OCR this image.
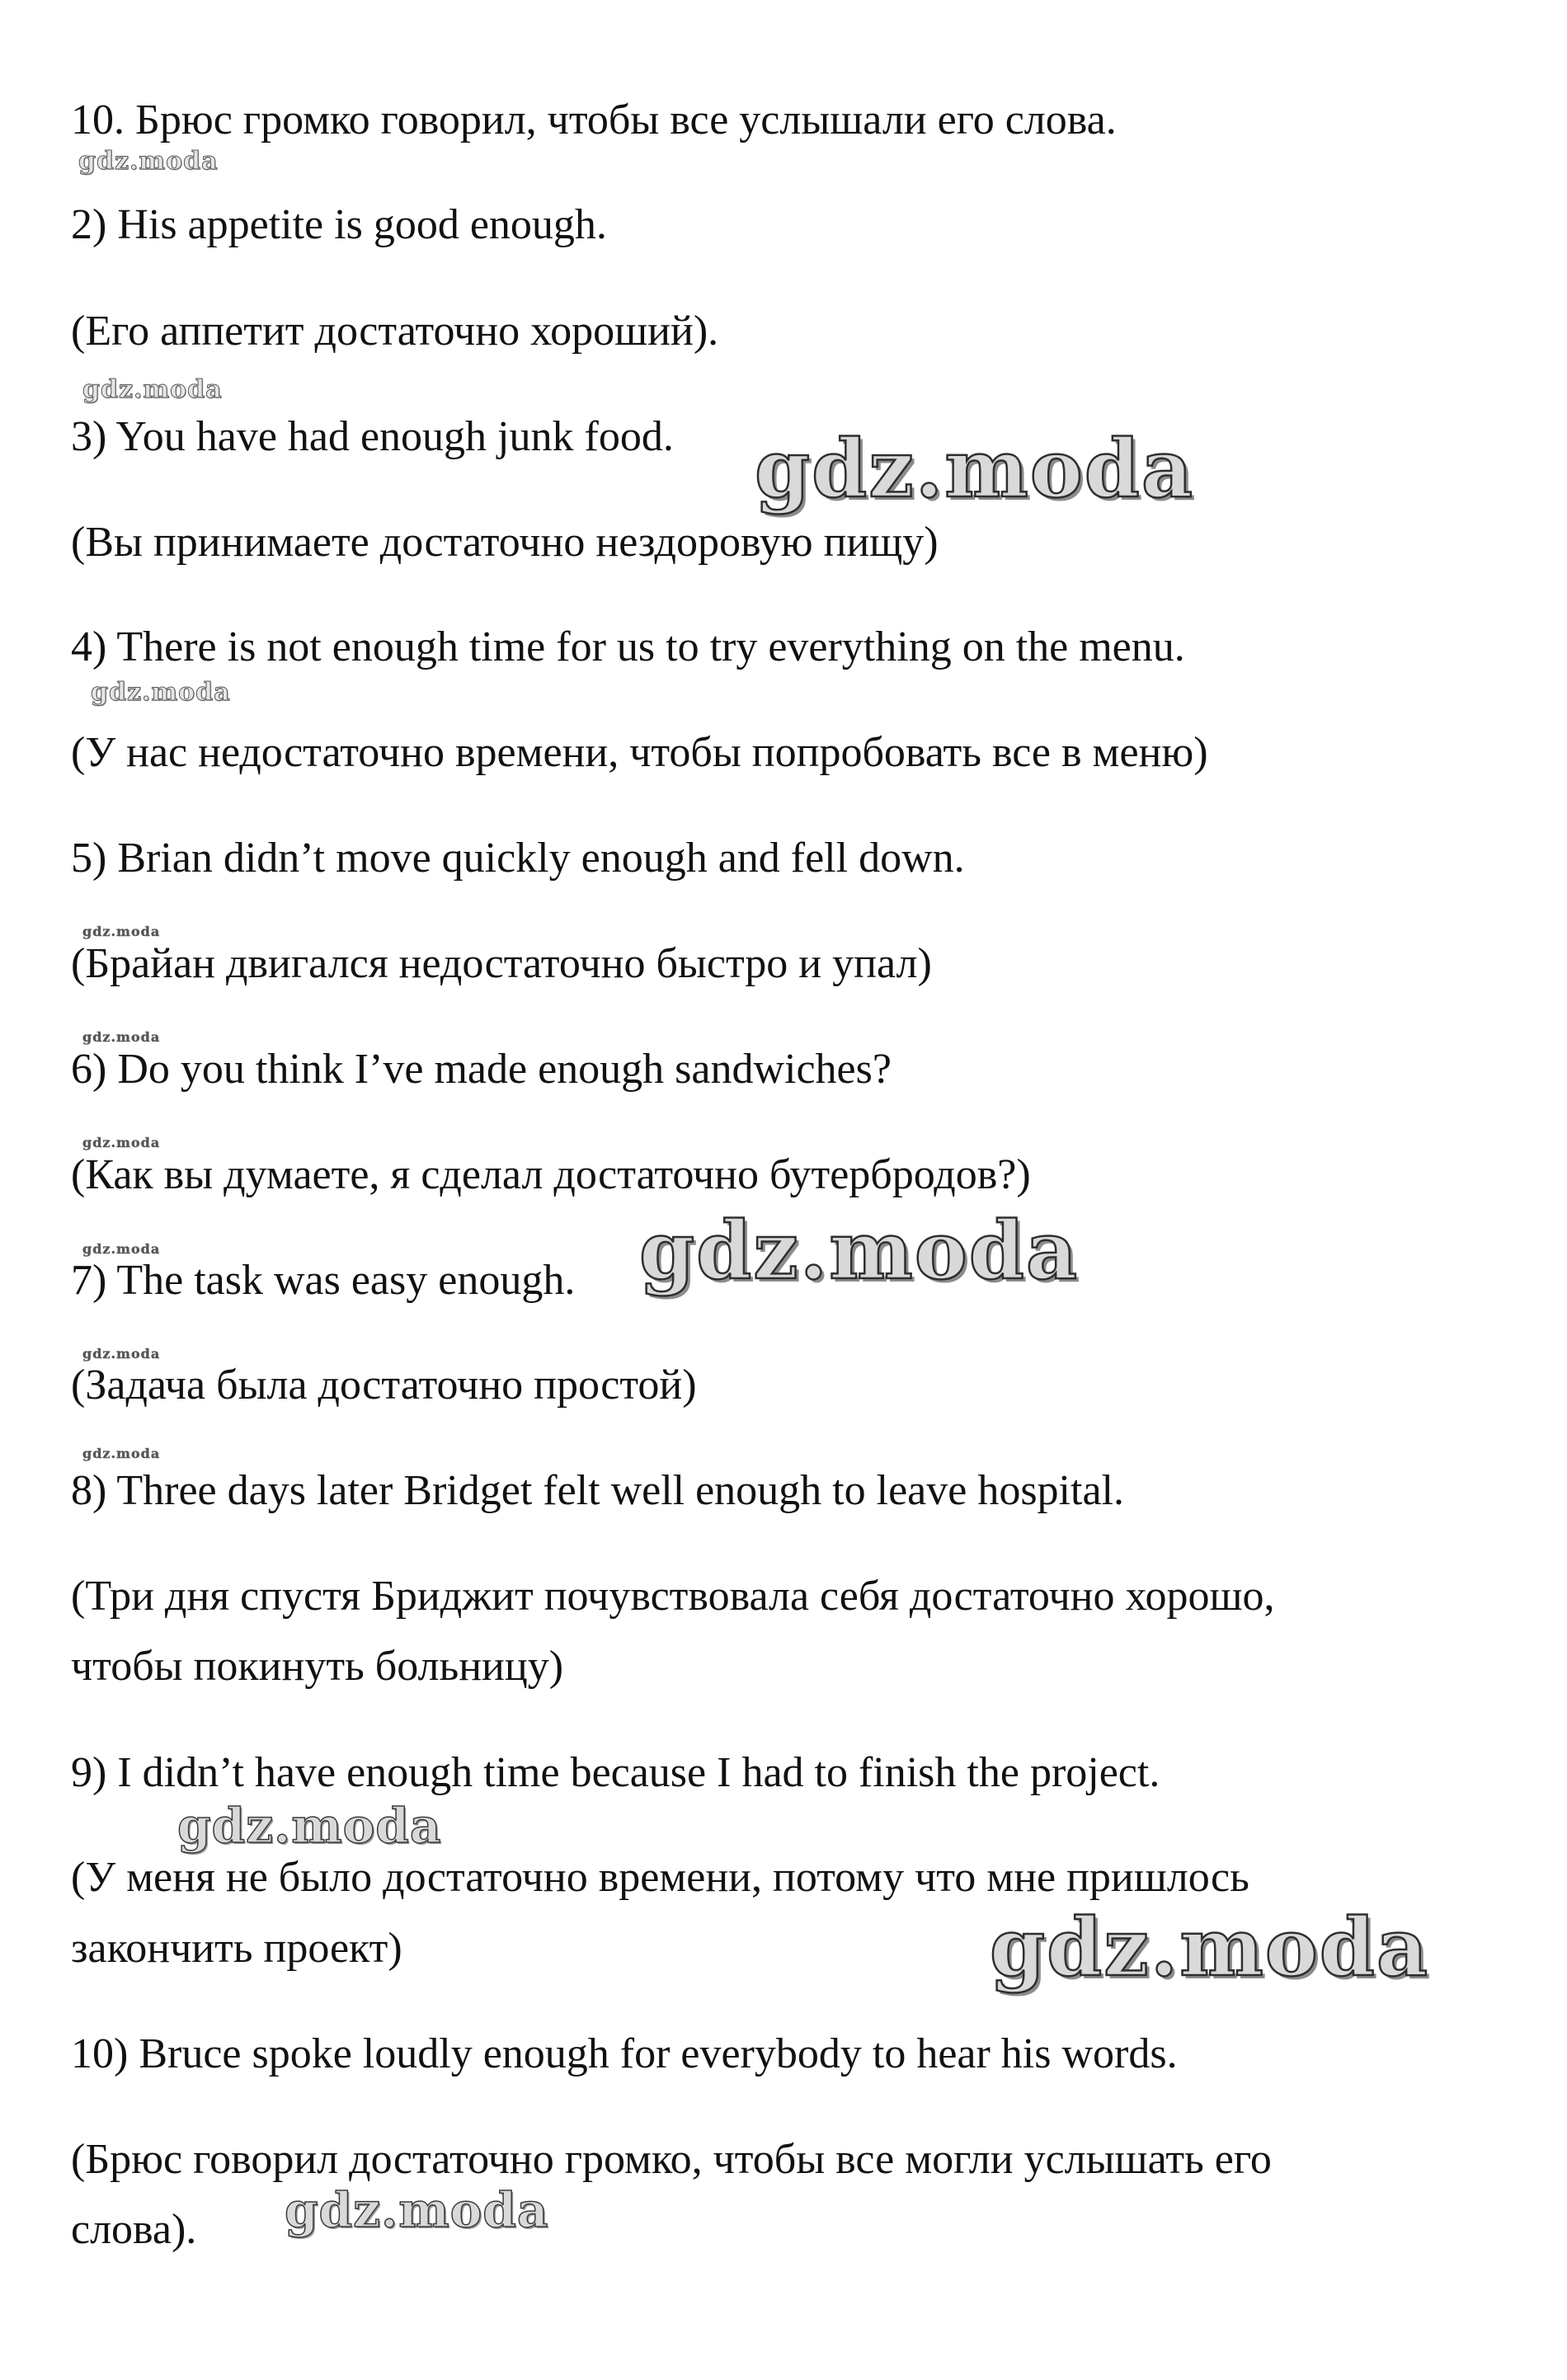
10. Брюс громко говорил, чтобы все услышали его слова.
2) His appetite is good enough.
(Его аппетит достаточно хороший).
3) You have had enough junk food.
(Вы принимаете достаточно нездоровую пищу)
4) There is not enough time for us to try everything on the menu.
(У нас недостаточно времени, чтобы попробовать все в меню)
5) Brian didn’t move quickly enough and fell down.
(Брайан двигался недостаточно быстро и упал)
6) Do you think I’ve made enough sandwiches?
(Как вы думаете, я сделал достаточно бутербродов?)
7) The task was easy enough.
(Задача была достаточно простой)
8) Three days later Bridget felt well enough to leave hospital.
(Три дня спустя Бриджит почувствовала себя достаточно хорошо,
чтобы покинуть больницу)
9) I didn’t have enough time because I had to finish the project.
(У меня не было достаточно времени, потому что мне пришлось
закончить проект)
10) Bruce spoke loudly enough for everybody to hear his words.
(Брюс говорил достаточно громко, чтобы все могли услышать его
слова).
gdz.moda
gdz.moda
gdz.moda
gdz.moda
gdz.moda
gdz.moda
gdz.moda
gdz.moda	gdz.moda
gdz.moda
gdz.moda
gdz.moda
gdz.moda
gdz.moda
